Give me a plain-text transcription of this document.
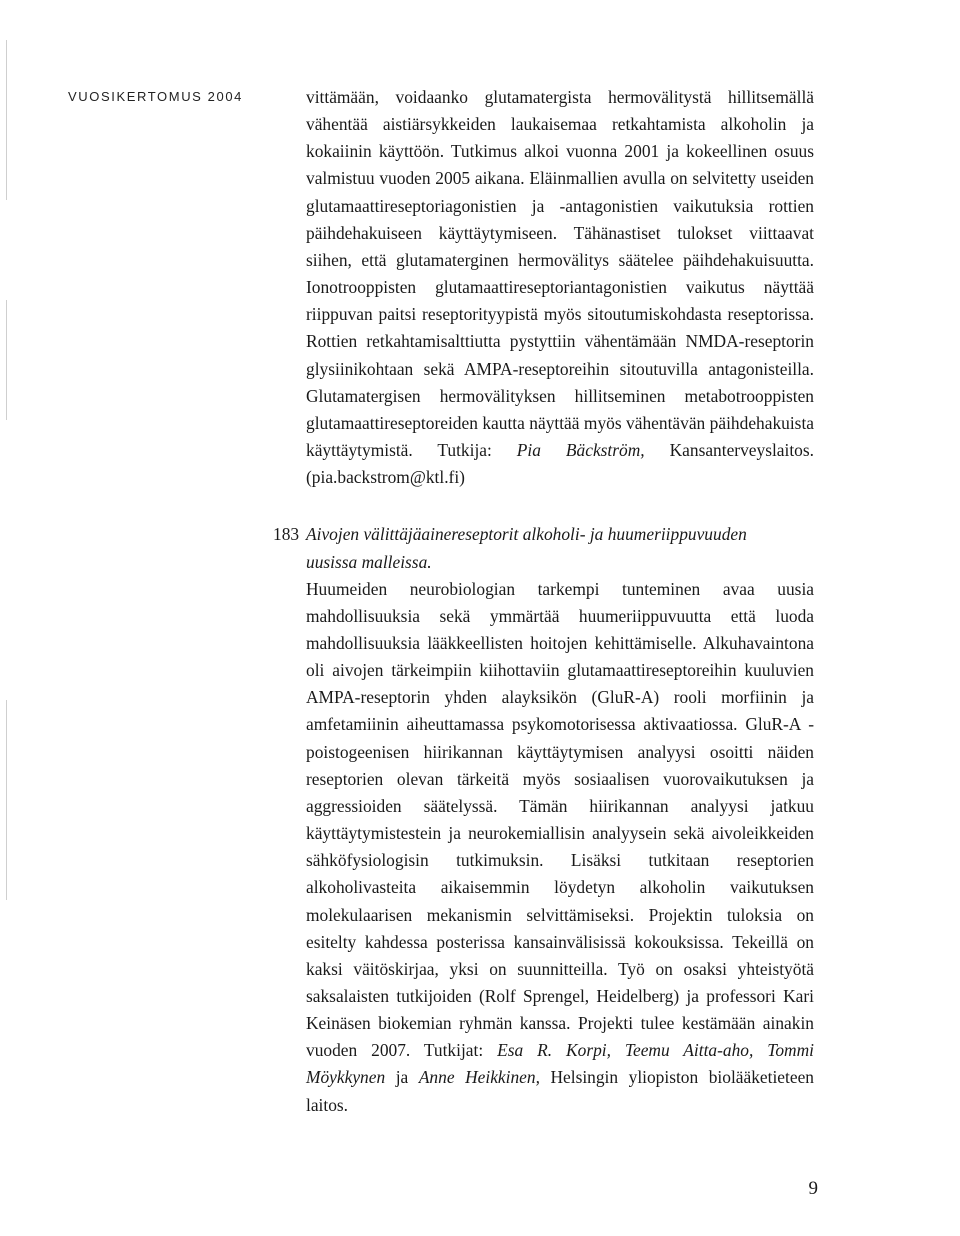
VUOSIKERTOMUS 2004	vittämään, voidaanko glutamatergista hermovälitystä hillitsemällä vähentää aistiärsykkeiden laukaisemaa retkahtamista alkoholin ja kokaiinin käyttöön. Tutkimus alkoi vuonna 2001 ja kokeellinen osuus valmistuu vuoden 2005 aikana. Eläinmallien avulla on selvitetty useiden glutamaattireseptoriagonistien ja -antagonistien vaikutuksia rottien päihdehakuiseen käyttäytymiseen. Tähänastiset tulokset viittaavat siihen, että glutamaterginen hermovälitys säätelee päihdehakuisuutta. Ionotrooppisten glutamaattireseptoriantagonistien vaikutus näyttää riippuvan paitsi reseptorityypistä myös sitoutumiskohdasta reseptorissa. Rottien retkahtamisalttiutta pystyttiin vähentämään NMDA-reseptorin glysiinikohtaan sekä AMPA-reseptoreihin sitoutuvilla antagonisteilla. Glutamatergisen hermovälityksen hillitseminen metabotrooppisten glutamaattireseptoreiden kautta näyttää myös vähentävän päihdehakuista käyttäytymistä. Tutkija: Pia Bäckström, Kansanterveyslaitos. (pia.backstrom@ktl.fi)

183 Aivojen välittäjäainereseptorit alkoholi- ja huumeriippuvuuden
uusissa malleissa.

Huumeiden neurobiologian tarkempi tunteminen avaa uusia mahdollisuuksia sekä ymmärtää huumeriippuvuutta että luoda mahdollisuuksia lääkkeellisten hoitojen kehittämiselle. Alkuhavaintona oli aivojen tärkeimpiin kiihottaviin glutamaattireseptoreihin kuuluvien AMPA-reseptorin yhden alayksikön (GluR-A) rooli morfiinin ja amfetamiinin aiheuttamassa psykomotorisessa aktivaatiossa. GluR-A -poistogeenisen hiirikannan käyttäytymisen analyysi osoitti näiden reseptorien olevan tärkeitä myös sosiaalisen vuorovaikutuksen ja aggressioiden säätelyssä. Tämän hiirikannan analyysi jatkuu käyttäytymistestein ja neurokemiallisin analyysein sekä aivoleikkeiden sähköfysiologisin tutkimuksin. Lisäksi tutkitaan reseptorien alkoholivasteita aikaisemmin löydetyn alkoholin vaikutuksen molekulaarisen mekanismin selvittämiseksi. Projektin tuloksia on esitelty kahdessa posterissa kansainvälisissä kokouksissa. Tekeillä on kaksi väitöskirjaa, yksi on suunnitteilla. Työ on osaksi yhteistyötä saksalaisten tutkijoiden (Rolf Sprengel, Heidelberg) ja professori Kari Keinäsen biokemian ryhmän kanssa. Projekti tulee kestämään ainakin vuoden 2007. Tutkijat: Esa R. Korpi, Teemu Aitta-aho, Tommi Möykkynen ja Anne Heikkinen, Helsingin yliopiston biolääketieteen laitos.

9
